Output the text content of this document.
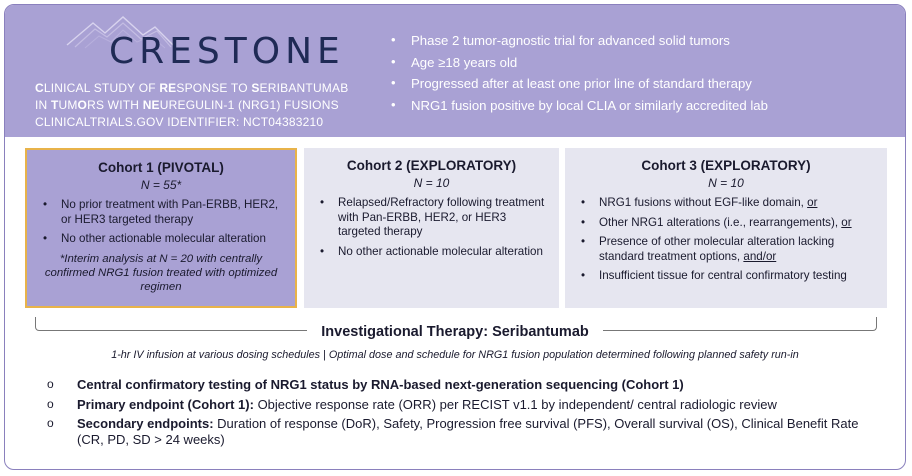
CRESTONE
CLINICAL STUDY OF RESPONSE TO SERIBANTUMAB
IN TUMORS WITH NEUREGULIN-1 (NRG1) FUSIONS
CLINICALTRIALS.GOV IDENTIFIER: NCT04383210
• Phase 2 tumor-agnostic trial for advanced solid tumors
• Age ≥18 years old
• Progressed after at least one prior line of standard therapy
• NRG1 fusion positive by local CLIA or similarly accredited lab
Cohort 1 (PIVOTAL)
N = 55*
• No prior treatment with Pan-ERBB, HER2, or HER3 targeted therapy
• No other actionable molecular alteration
*Interim analysis at N = 20 with centrally confirmed NRG1 fusion treated with optimized regimen
Cohort 2 (EXPLORATORY)
N = 10
• Relapsed/Refractory following treatment with Pan-ERBB, HER2, or HER3 targeted therapy
• No other actionable molecular alteration
Cohort 3 (EXPLORATORY)
N = 10
• NRG1 fusions without EGF-like domain, or
• Other NRG1 alterations (i.e., rearrangements), or
• Presence of other molecular alteration lacking standard treatment options, and/or
• Insufficient tissue for central confirmatory testing
Investigational Therapy: Seribantumab
1-hr IV infusion at various dosing schedules | Optimal dose and schedule for NRG1 fusion population determined following planned safety run-in
o Central confirmatory testing of NRG1 status by RNA-based next-generation sequencing (Cohort 1)
o Primary endpoint (Cohort 1): Objective response rate (ORR) per RECIST v1.1 by independent/ central radiologic review
o Secondary endpoints: Duration of response (DoR), Safety, Progression free survival (PFS), Overall survival (OS), Clinical Benefit Rate (CR, PD, SD > 24 weeks)
